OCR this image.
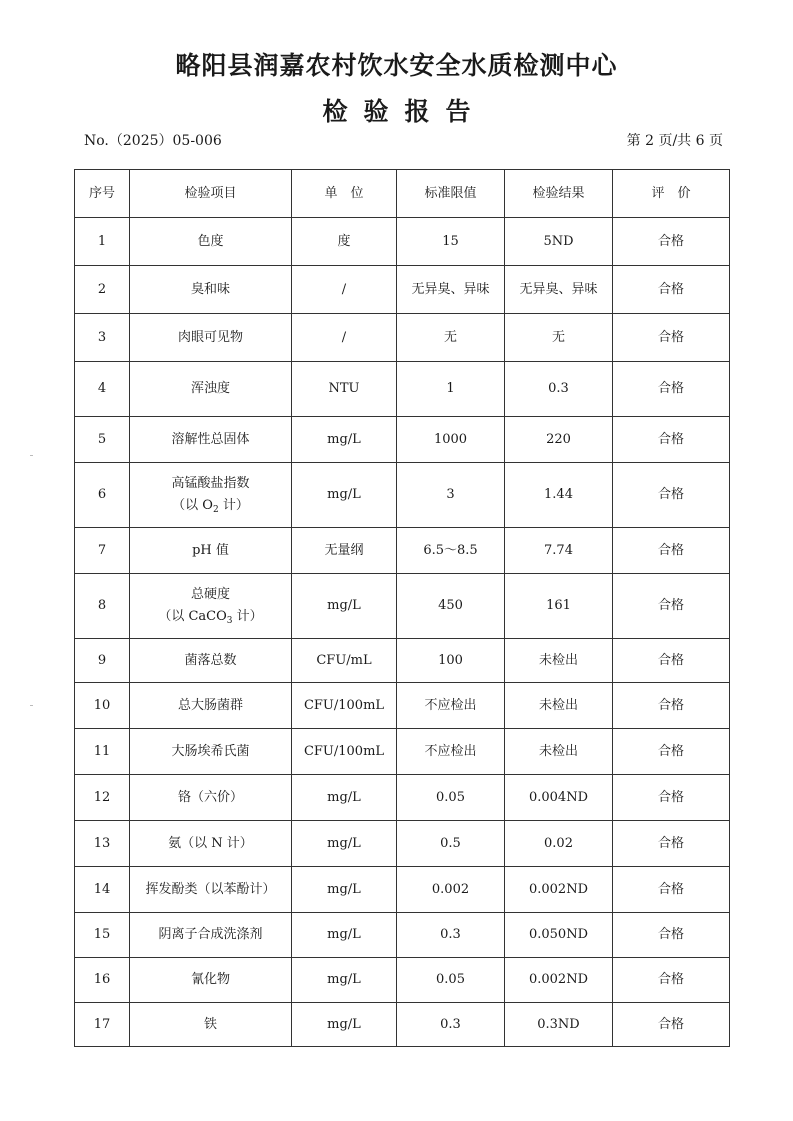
略阳县润嘉农村饮水安全水质检测中心
检验报告
No.（2025）05-006	第 2 页/共 6 页
序号	检验项目	单　位	标准限值	检验结果	评　价
1	色度	度	15	5ND	合格
2	臭和味	/	无异臭、异味	无异臭、异味	合格
3	肉眼可见物	/	无	无	合格
4	浑浊度	NTU	1	0.3	合格
5	溶解性总固体	mg/L	1000	220	合格
6	高锰酸盐指数
（以 $O_2$ 计）	mg/L	3	1.44	合格
7	pH 值	无量纲	6.5～8.5	7.74	合格
8	总硬度
（以 CaCO$_3$ 计）	mg/L	450	161	合格
9	菌落总数	CFU/mL	100	未检出	合格
10	总大肠菌群	CFU/100mL	不应检出	未检出	合格
11	大肠埃希氏菌	CFU/100mL	不应检出	未检出	合格
12	铬（六价）	mg/L	0.05	0.004ND	合格
13	氨（以 N 计）	mg/L	0.5	0.02	合格
14	挥发酚类（以苯酚计）	mg/L	0.002	0.002ND	合格
15	阴离子合成洗涤剂	mg/L	0.3	0.050ND	合格
16	氰化物	mg/L	0.05	0.002ND	合格
17	铁	mg/L	0.3	0.3ND	合格
